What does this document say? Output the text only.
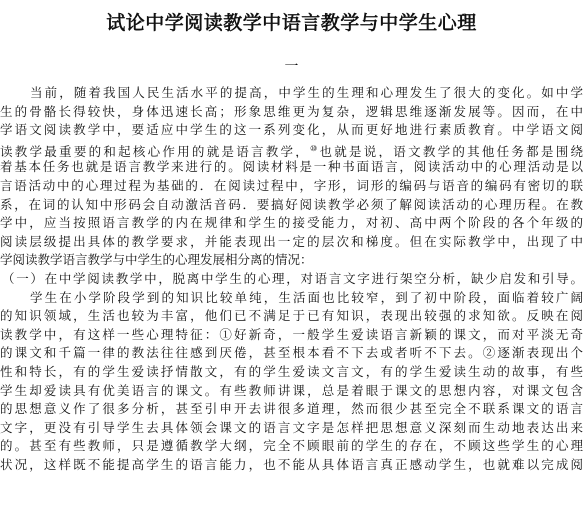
试论中学阅读教学中语言教学与中学生心理
一
当前，随着我国人民生活水平的提高，中学生的生理和心理发生了很大的变化。如中学
生的骨骼长得较快，身体迅速长高；形象思维更为复杂，逻辑思维逐渐发展等。因而，在中
学语文阅读教学中，要适应中学生的这一系列变化，从而更好地进行素质教育。中学语文阅
读教学最重要的和起核心作用的就是语言教学，⑩也就是说，语文教学的其他任务都是围绕
着基本任务也就是语言教学来进行的。阅读材料是一种书面语言，阅读活动中的心理活动是以
言语活动中的心理过程为基础的．在阅读过程中，字形，词形的编码与语音的编码有密切的联
系，在词的认知中形码会自动激活音码．要搞好阅读教学必须了解阅读活动的心理历程。在教
学中，应当按照语言教学的内在规律和学生的接受能力，对初、高中两个阶段的各个年级的
阅读层级提出具体的教学要求，并能表现出一定的层次和梯度。但在实际教学中，出现了中
学阅读教学语言教学与中学生的心理发展相分离的情况：
（一）在中学阅读教学中，脱离中学生的心理，对语言文字进行架空分析，缺少启发和引导。
学生在小学阶段学到的知识比较单纯，生活面也比较窄，到了初中阶段，面临着较广阔
的知识领域，生活也较为丰富，他们已不满足于已有知识，表现出较强的求知欲。反映在阅
读教学中，有这样一些心理特征：①好新奇，一般学生爱读语言新颖的课文，而对平淡无奇
的课文和千篇一律的教法往往感到厌倦，甚至根本看不下去或者听不下去。②逐渐表现出个
性和特长，有的学生爱读抒情散文，有的学生爱读文言文，有的学生爱读生动的故事，有些
学生却爱读具有优美语言的课文。有些教师讲课，总是着眼于课文的思想内容，对课文包含
的思想意义作了很多分析，甚至引申开去讲很多道理，然而很少甚至完全不联系课文的语言
文字，更没有引导学生去具体领会课文的语言文字是怎样把思想意义深刻而生动地表达出来
的。甚至有些教师，只是遵循教学大纲，完全不顾眼前的学生的存在，不顾这些学生的心理
状况，这样既不能提高学生的语言能力，也不能从具体语言真正感动学生，也就难以完成阅
